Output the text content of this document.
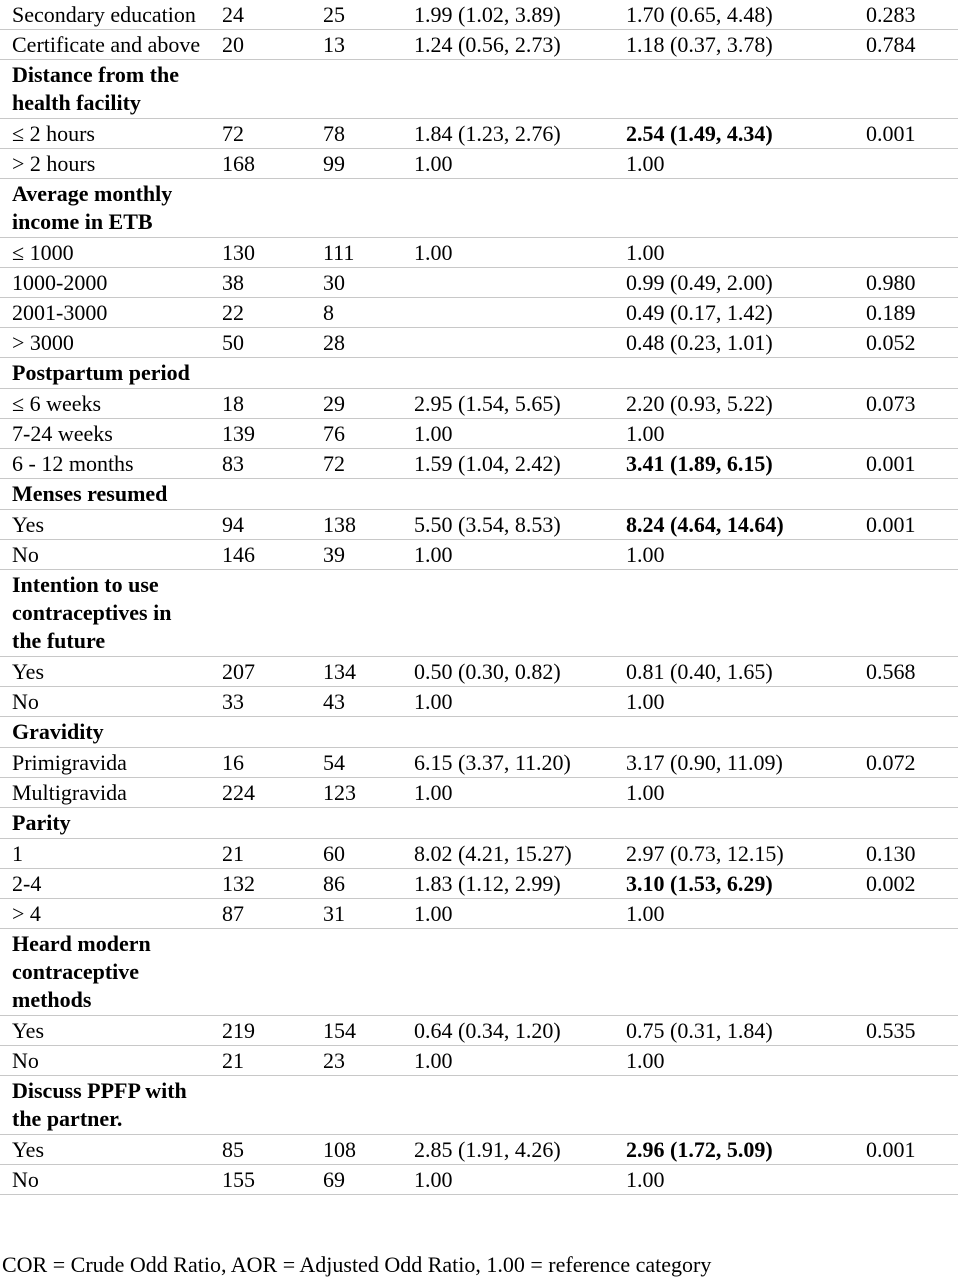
Secondary education	24	25	1.99 (1.02, 3.89)	1.70 (0.65, 4.48)	0.283
Certificate and above	20	13	1.24 (0.56, 2.73)	1.18 (0.37, 3.78)	0.784
Distance from the health facility					
≤ 2 hours	72	78	1.84 (1.23, 2.76)	2.54 (1.49, 4.34)	0.001
> 2 hours	168	99	1.00	1.00	
Average monthly income in ETB					
≤ 1000	130	111	1.00	1.00	
1000-2000	38	30		0.99 (0.49, 2.00)	0.980
2001-3000	22	8		0.49 (0.17, 1.42)	0.189
> 3000	50	28		0.48 (0.23, 1.01)	0.052
Postpartum period					
≤ 6 weeks	18	29	2.95 (1.54, 5.65)	2.20 (0.93, 5.22)	0.073
7-24 weeks	139	76	1.00	1.00	
6 - 12 months	83	72	1.59 (1.04, 2.42)	3.41 (1.89, 6.15)	0.001
Menses resumed					
Yes	94	138	5.50 (3.54, 8.53)	8.24 (4.64, 14.64)	0.001
No	146	39	1.00	1.00	
Intention to use contraceptives in the future					
Yes	207	134	0.50 (0.30, 0.82)	0.81 (0.40, 1.65)	0.568
No	33	43	1.00	1.00	
Gravidity					
Primigravida	16	54	6.15 (3.37, 11.20)	3.17 (0.90, 11.09)	0.072
Multigravida	224	123	1.00	1.00	
Parity					
1	21	60	8.02 (4.21, 15.27)	2.97 (0.73, 12.15)	0.130
2-4	132	86	1.83 (1.12, 2.99)	3.10 (1.53, 6.29)	0.002
> 4	87	31	1.00	1.00	
Heard modern contraceptive methods					
Yes	219	154	0.64 (0.34, 1.20)	0.75 (0.31, 1.84)	0.535
No	21	23	1.00	1.00	
Discuss PPFP with the partner.					
Yes	85	108	2.85 (1.91, 4.26)	2.96 (1.72, 5.09)	0.001
No	155	69	1.00	1.00	
COR = Crude Odd Ratio, AOR = Adjusted Odd Ratio, 1.00 = reference category
